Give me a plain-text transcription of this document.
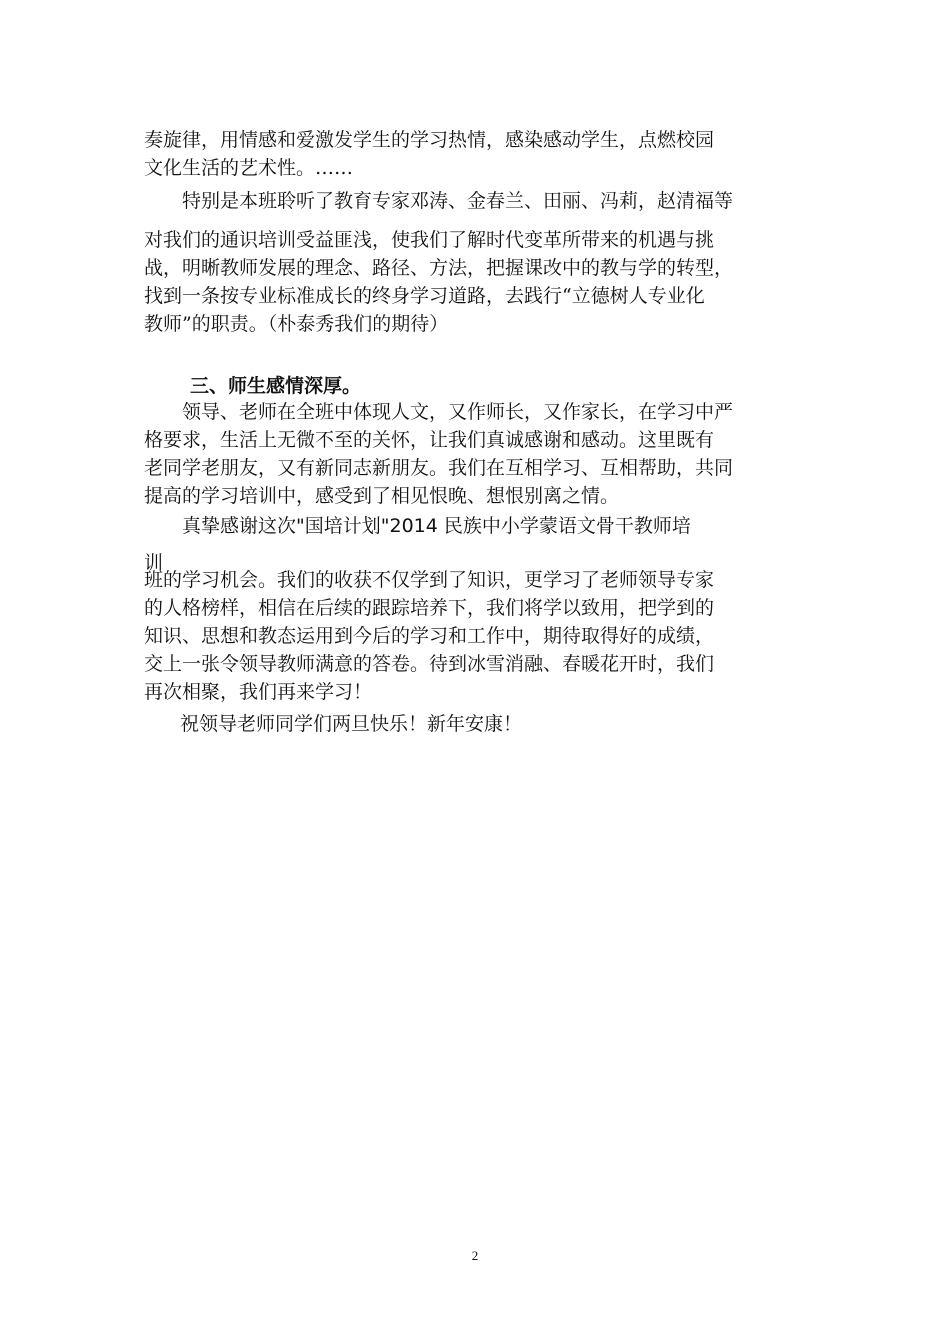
奏旋律，用情感和爱激发学生的学习热情，感染感动学生，点燃校园
文化生活的艺术性。……
特别是本班聆听了教育专家邓涛、金春兰、田丽、冯莉，赵清福等
对我们的通识培训受益匪浅，使我们了解时代变革所带来的机遇与挑
战，明晰教师发展的理念、路径、方法，把握课改中的教与学的转型，
找到一条按专业标准成长的终身学习道路，去践行“立德树人专业化
教师”的职责。（朴泰秀我们的期待）
三、师生感情深厚。
领导、老师在全班中体现人文，又作师长，又作家长，在学习中严
格要求，生活上无微不至的关怀，让我们真诚感谢和感动。这里既有
老同学老朋友，又有新同志新朋友。我们在互相学习、互相帮助，共同
提高的学习培训中，感受到了相见恨晚、想恨别离之情。
真挚感谢这次"国培计划"2014 民族中小学蒙语文骨干教师培
训
班的学习机会。我们的收获不仅学到了知识，更学习了老师领导专家
的人格榜样，相信在后续的跟踪培养下，我们将学以致用，把学到的
知识、思想和教态运用到今后的学习和工作中，期待取得好的成绩，
交上一张令领导教师满意的答卷。待到冰雪消融、春暖花开时，我们
再次相聚，我们再来学习！
祝领导老师同学们两旦快乐！新年安康！
2
